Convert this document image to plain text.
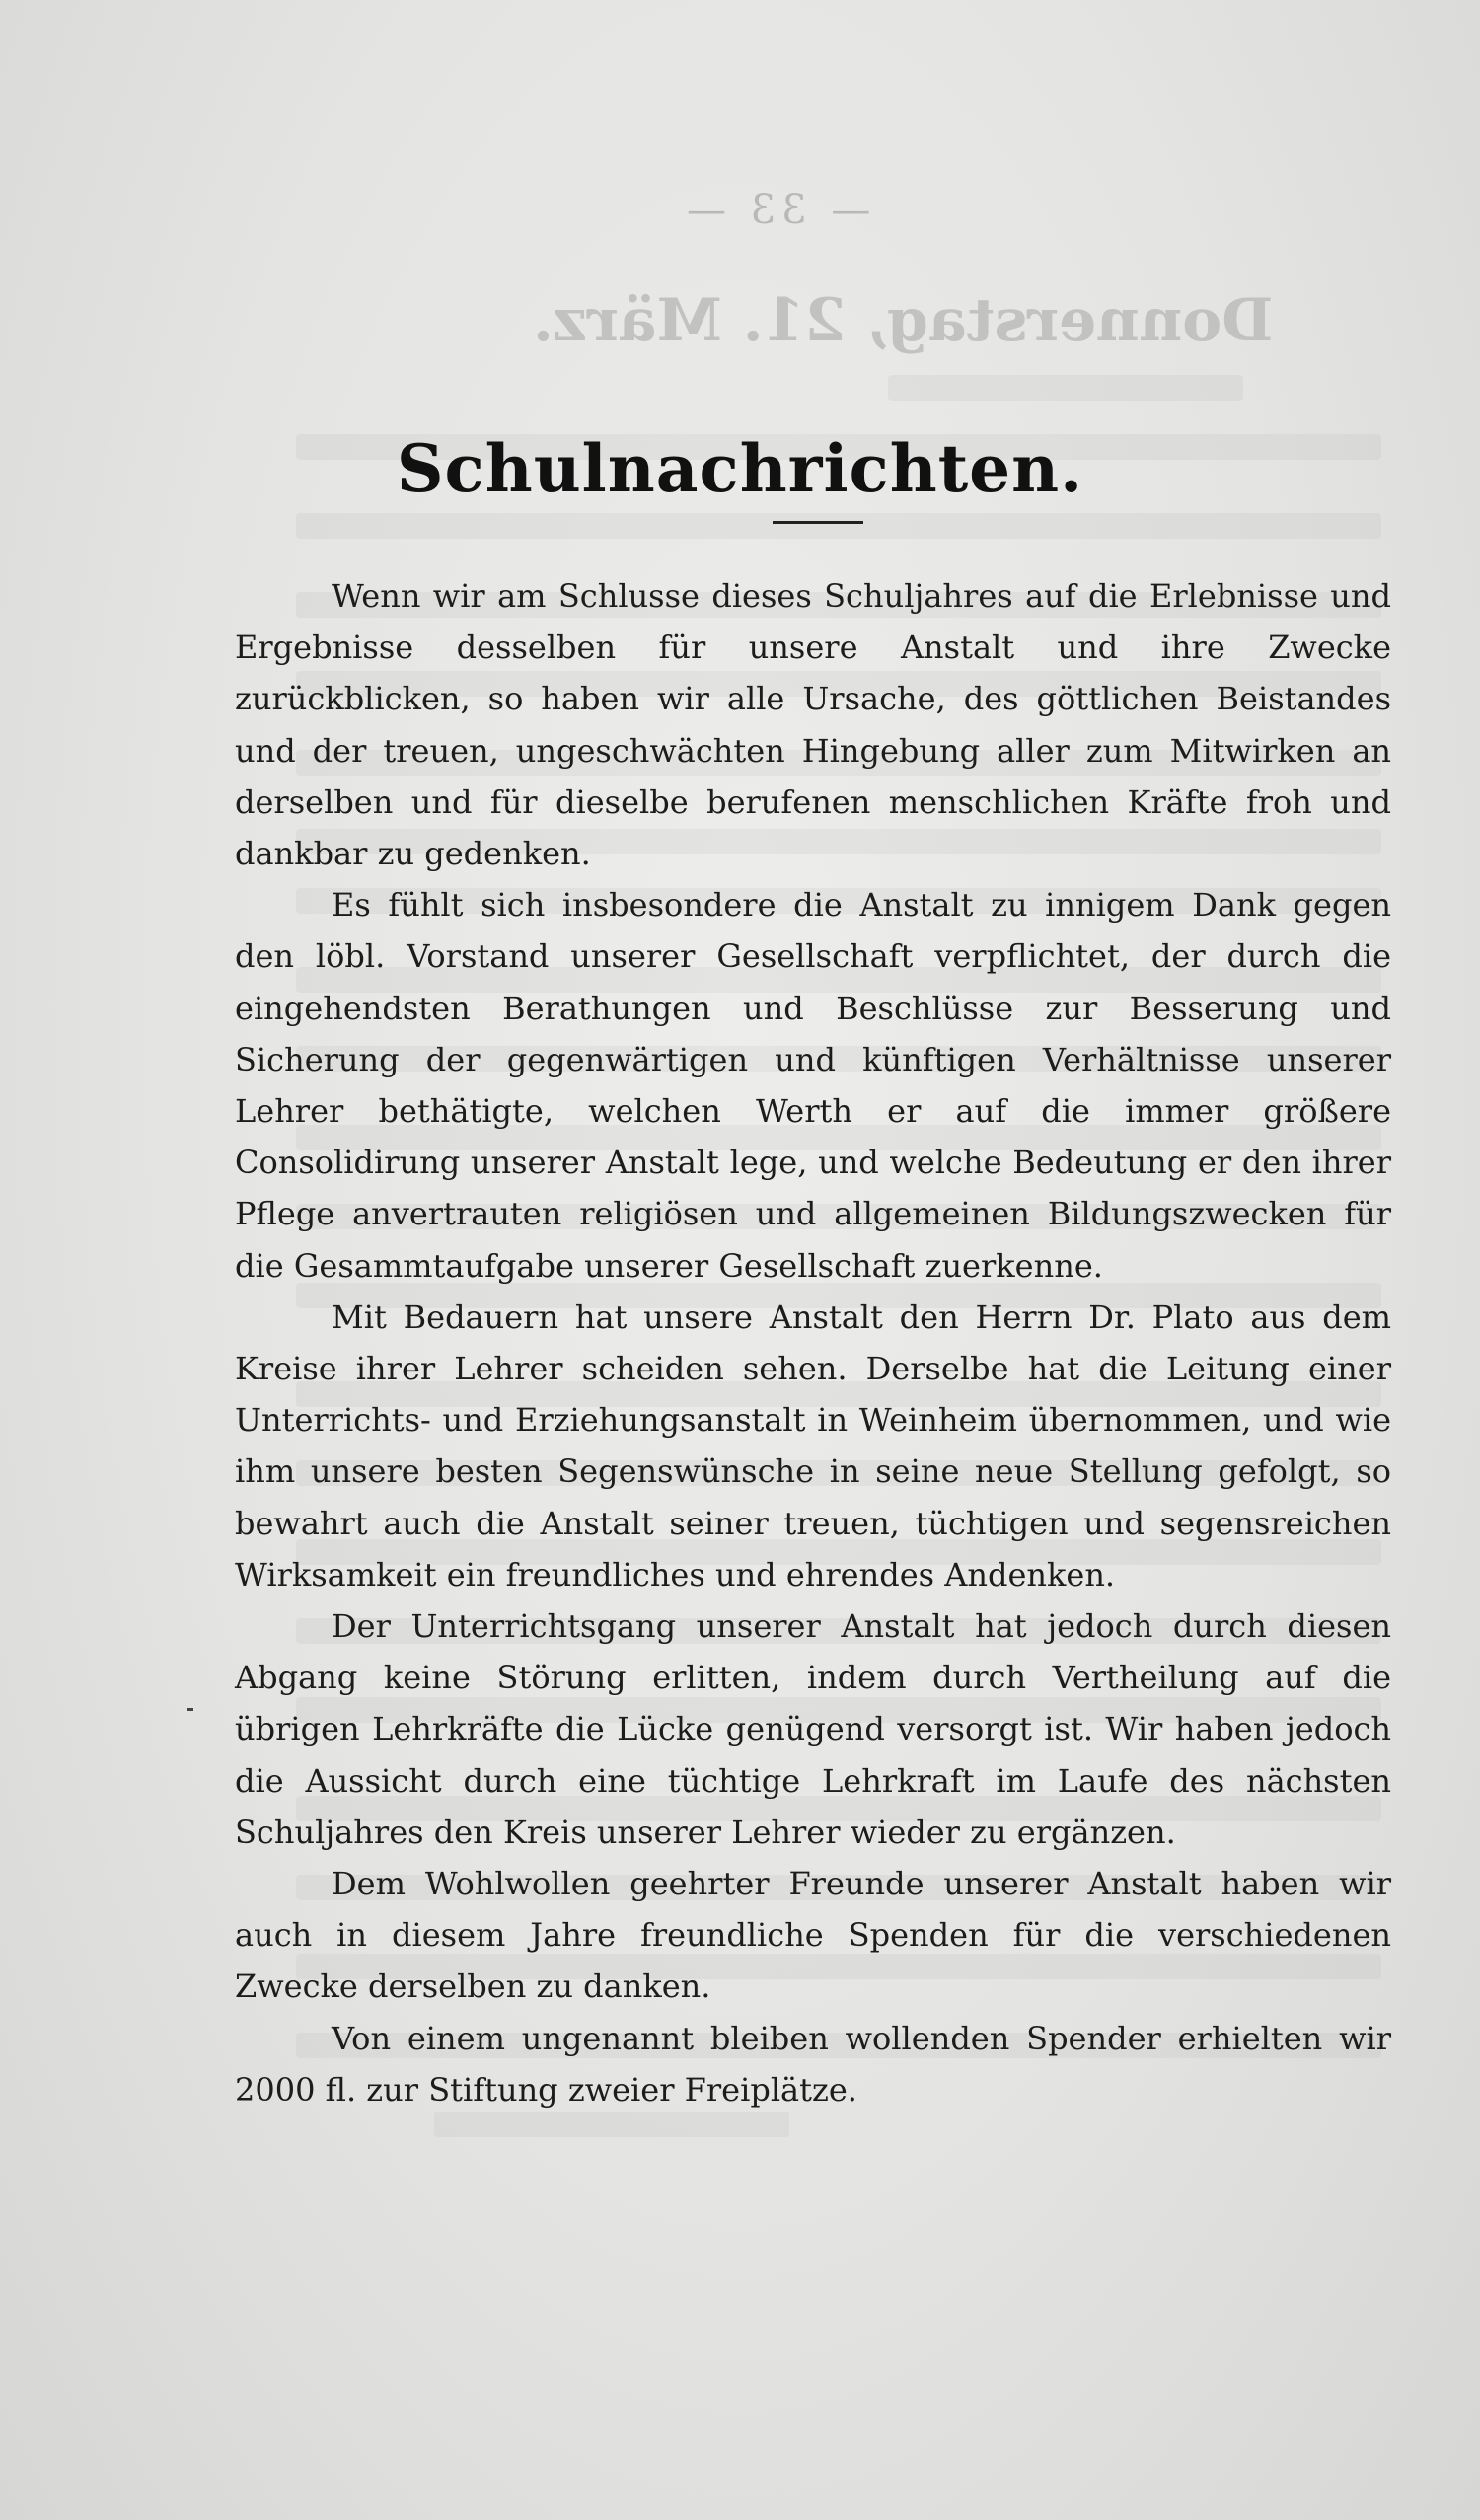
— 33 —
Donnerstag, 21. März.
Schulnachrichten.

Wenn wir am Schlusse dieses Schuljahres auf die Erlebnisse und Ergebnisse desselben für unsere Anstalt und ihre Zwecke zurückblicken, so haben wir alle Ursache, des göttlichen Beistandes und der treuen, ungeschwächten Hingebung aller zum Mitwirken an derselben und für dieselbe berufenen menschlichen Kräfte froh und dankbar zu gedenken.

Es fühlt sich insbesondere die Anstalt zu innigem Dank gegen den löbl. Vorstand unserer Gesellschaft verpflichtet, der durch die eingehendsten Berathungen und Beschlüsse zur Besserung und Sicherung der gegenwärtigen und künftigen Verhältnisse unserer Lehrer bethätigte, welchen Werth er auf die immer größere Consolidirung unserer Anstalt lege, und welche Bedeutung er den ihrer Pflege anvertrauten religiösen und allgemeinen Bildungszwecken für die Gesammtaufgabe unserer Gesellschaft zuerkenne.

Mit Bedauern hat unsere Anstalt den Herrn Dr. Plato aus dem Kreise ihrer Lehrer scheiden sehen. Derselbe hat die Leitung einer Unterrichts- und Erziehungsanstalt in Weinheim übernommen, und wie ihm unsere besten Segenswünsche in seine neue Stellung gefolgt, so bewahrt auch die Anstalt seiner treuen, tüchtigen und segensreichen Wirksamkeit ein freundliches und ehrendes Andenken.

Der Unterrichtsgang unserer Anstalt hat jedoch durch diesen Abgang keine Störung erlitten, indem durch Vertheilung auf die übrigen Lehrkräfte die Lücke genügend versorgt ist. Wir haben jedoch die Aussicht durch eine tüchtige Lehrkraft im Laufe des nächsten Schuljahres den Kreis unserer Lehrer wieder zu ergänzen.

Dem Wohlwollen geehrter Freunde unserer Anstalt haben wir auch in diesem Jahre freundliche Spenden für die verschiedenen Zwecke derselben zu danken.

Von einem ungenannt bleiben wollenden Spender erhielten wir 2000 fl. zur Stiftung zweier Freiplätze.
